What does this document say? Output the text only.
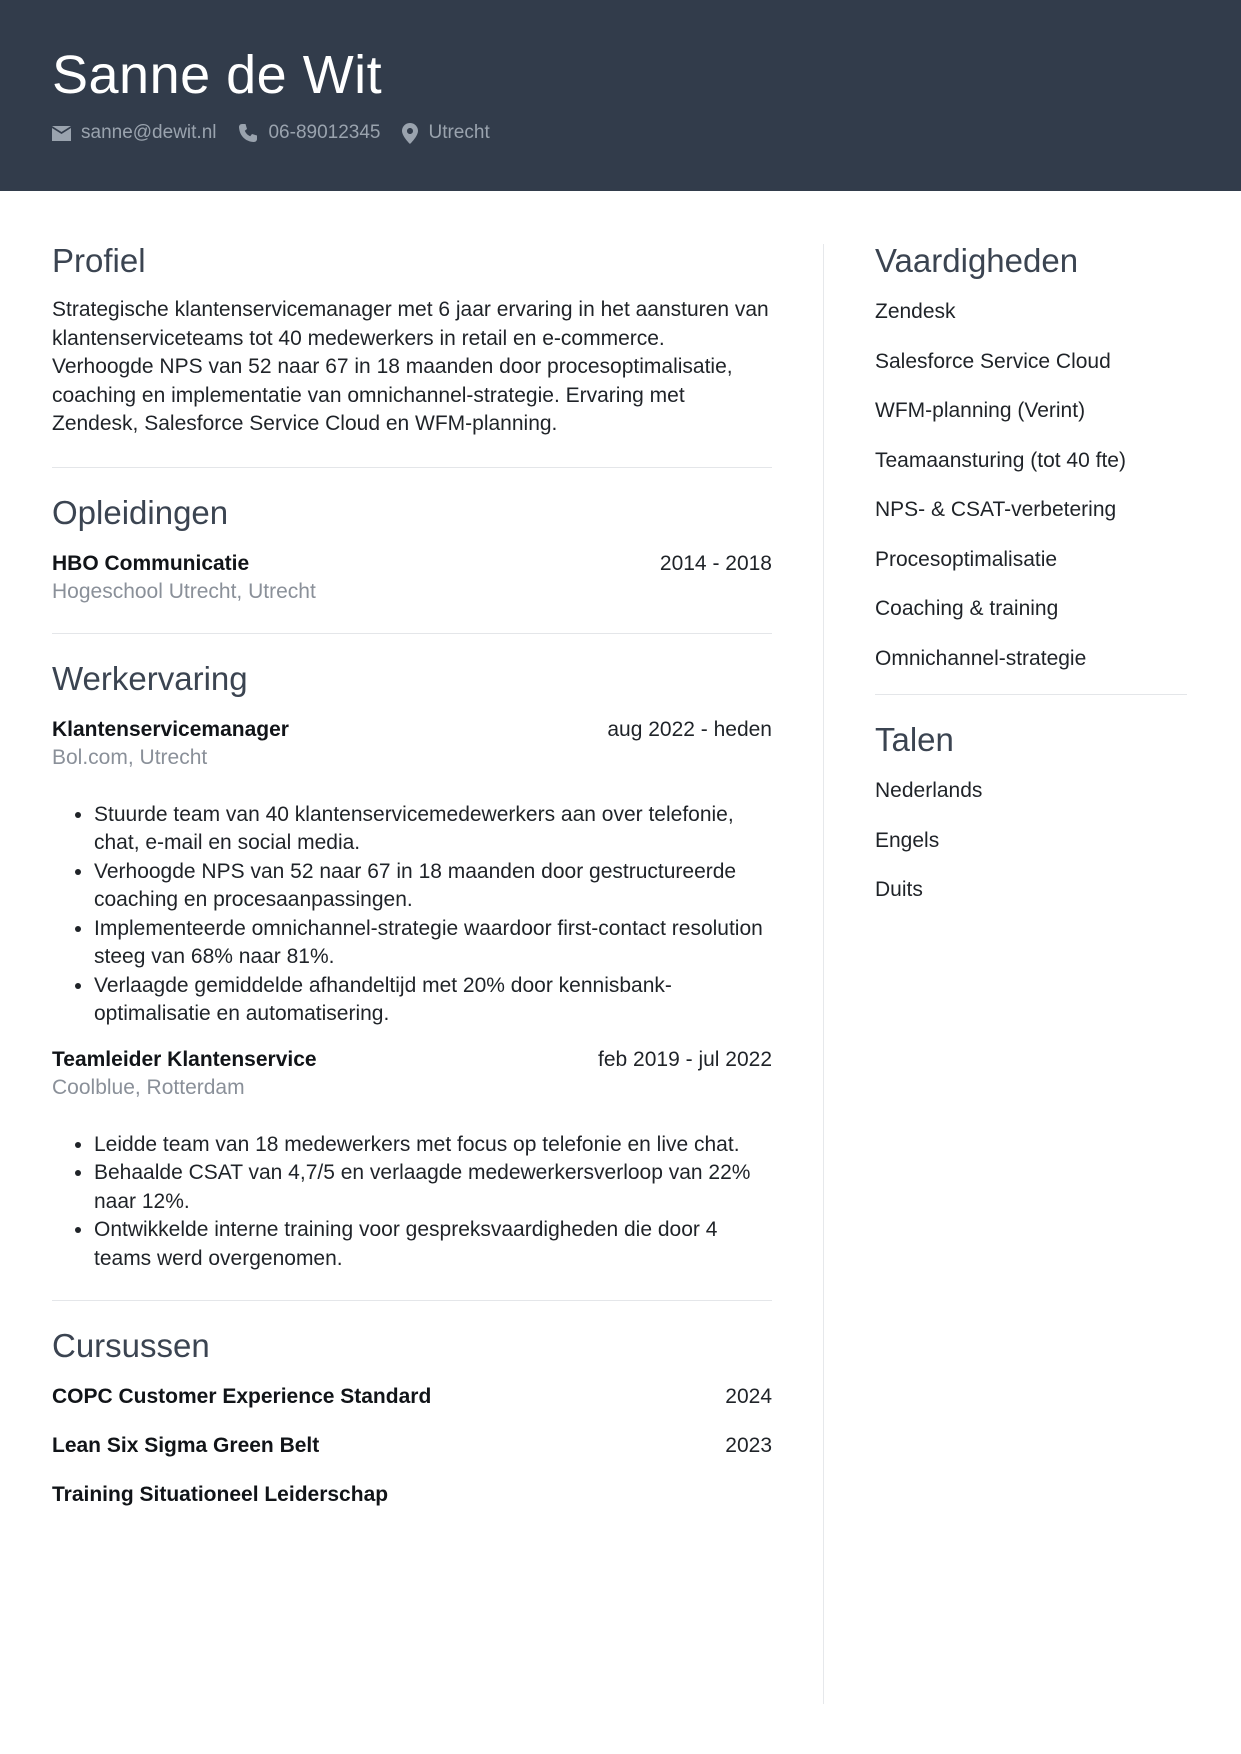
Sanne de Wit
sanne@dewit.nl	06-89012345	Utrecht
Profiel
Strategische klantenservicemanager met 6 jaar ervaring in het aansturen van klantenserviceteams tot 40 medewerkers in retail en e-commerce. Verhoogde NPS van 52 naar 67 in 18 maanden door procesoptimalisatie, coaching en implementatie van omnichannel-strategie. Ervaring met Zendesk, Salesforce Service Cloud en WFM-planning.
Opleidingen
HBO Communicatie	2014 - 2018
Hogeschool Utrecht, Utrecht
Werkervaring
Klantenservicemanager	aug 2022 - heden
Bol.com, Utrecht
• Stuurde team van 40 klantenservicemedewerkers aan over telefonie, chat, e-mail en social media.
• Verhoogde NPS van 52 naar 67 in 18 maanden door gestructureerde coaching en procesaanpassingen.
• Implementeerde omnichannel-strategie waardoor first-contact resolution steeg van 68% naar 81%.
• Verlaagde gemiddelde afhandeltijd met 20% door kennisbank-optimalisatie en automatisering.
Teamleider Klantenservice	feb 2019 - jul 2022
Coolblue, Rotterdam
• Leidde team van 18 medewerkers met focus op telefonie en live chat.
• Behaalde CSAT van 4,7/5 en verlaagde medewerkersverloop van 22% naar 12%.
• Ontwikkelde interne training voor gespreksvaardigheden die door 4 teams werd overgenomen.
Cursussen
COPC Customer Experience Standard	2024
Lean Six Sigma Green Belt	2023
Training Situationeel Leiderschap
Vaardigheden
Zendesk
Salesforce Service Cloud
WFM-planning (Verint)
Teamaansturing (tot 40 fte)
NPS- & CSAT-verbetering
Procesoptimalisatie
Coaching & training
Omnichannel-strategie
Talen
Nederlands
Engels
Duits
